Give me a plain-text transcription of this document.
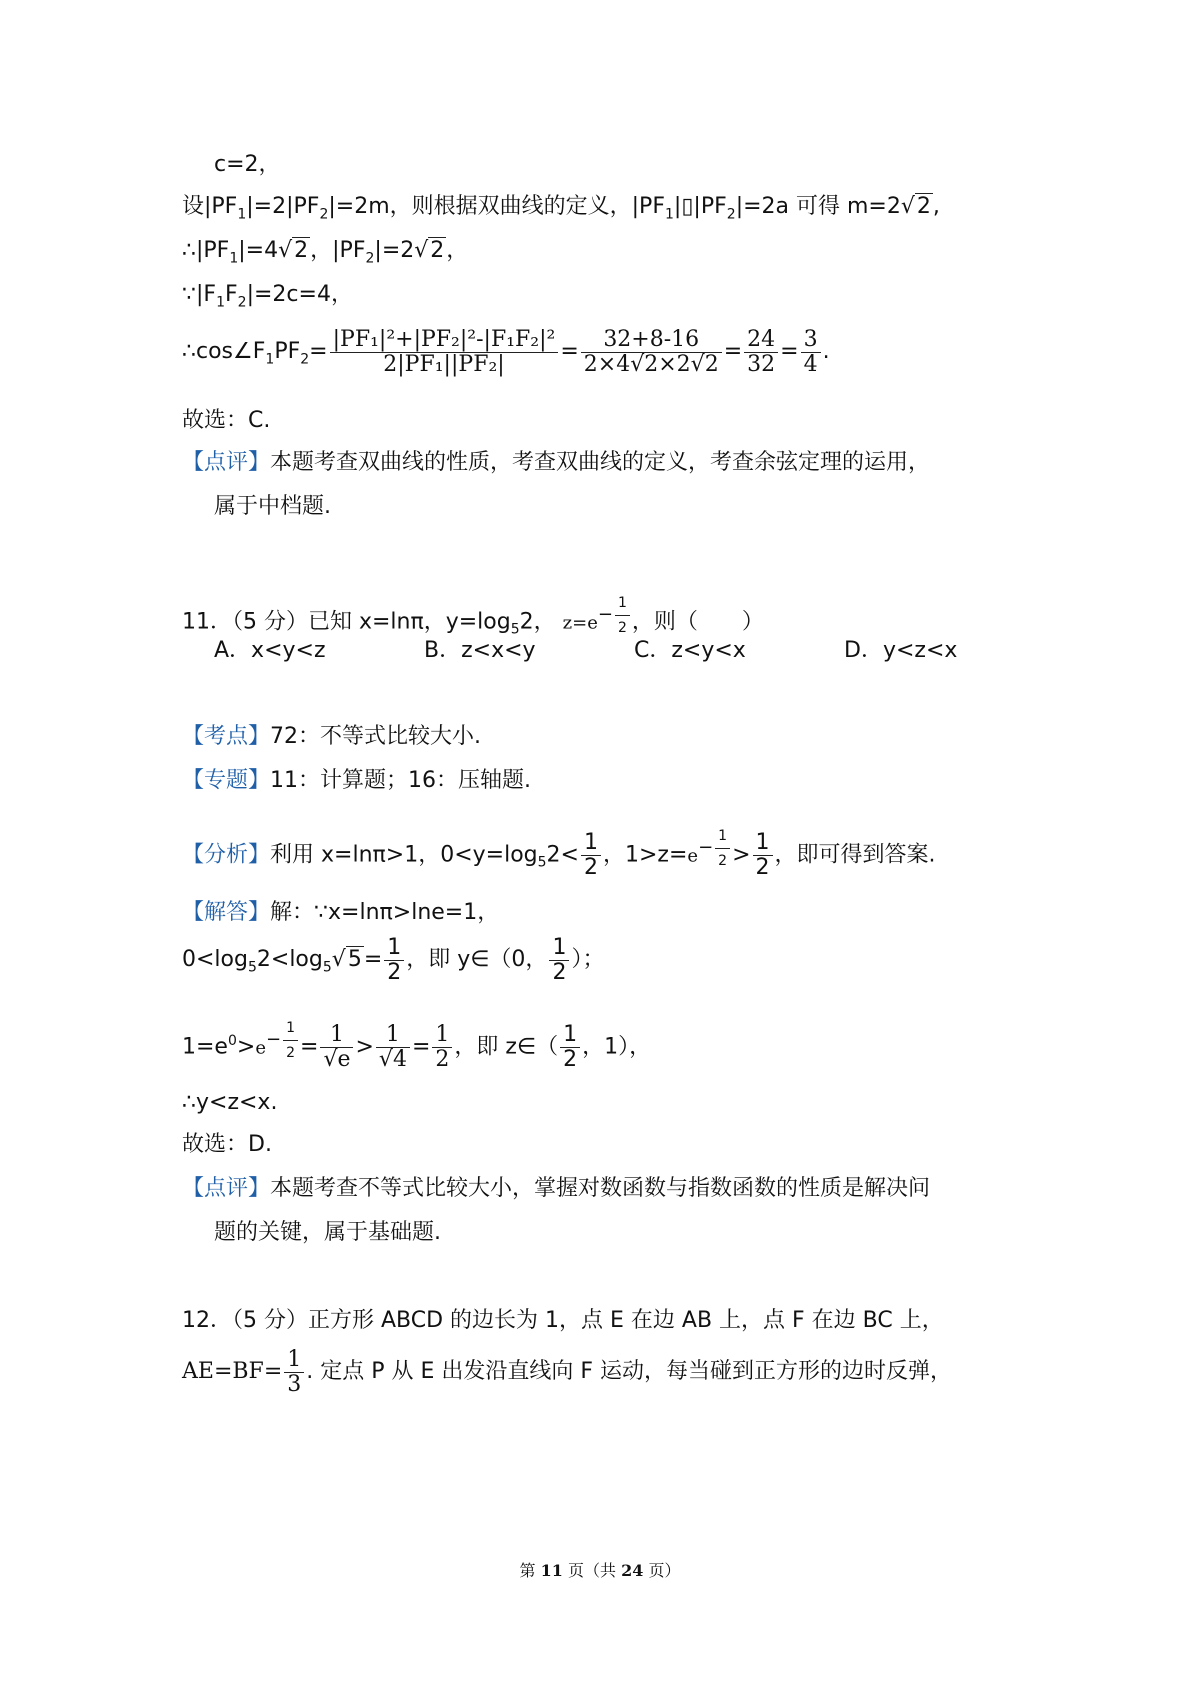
c=2，
设$|PF_1|=2|PF_2|=2m$，则根据双曲线的定义，$|PF_1|▯|PF_2|=2a$ 可得 m=2√2,
$\therefore|PF_1|=4√2$，$|PF_2|=2√2$，
$\because|F_1F_2|=2c=4$，
$\therefore\cos\angle F_1PF_2= \frac{\text{|PF₁|²+|PF₂|²-|F₁F₂|²}}{\text{2|PF₁||PF₂|}} = \frac{32+8-16}{2\times 4√2\times 2√2} = \frac{24}{32} = \frac{3}{4}$ .
故选：C.
【点评】本题考查双曲线的性质，考查双曲线的定义，考查余弦定理的运用，
属于中档题.
11．（5 分）已知 x=lnπ，$y=\log_52$， $z=e^{- \frac{1}{2}}$ ，则（　　）
A．x<y<z	B．z<x<y	C．z<y<x	D．y<z<x
【考点】72：不等式比较大小.
【专题】11：计算题；16：压轴题.
【分析】利用 x=lnπ>1，$0<y=\log_52< \frac{1}{2}$ ，$1>z=e^{- \frac{1}{2}} > \frac{1}{2}$ ，即可得到答案.
【解答】解：∵x=lnπ>lne=1，
$0<\log_52<\log_5√5= \frac{1}{2}$ ，即 y∈（0， $\frac{1}{2}$ ）；
$1=e^0>e^{- \frac{1}{2}} = \frac{1}{√e} > \frac{1}{√4} = \frac{1}{2}$ ，即 z∈（ $\frac{1}{2}$ ，1），
∴y<z<x.
故选：D.
【点评】本题考查不等式比较大小，掌握对数函数与指数函数的性质是解决问
题的关键，属于基础题.
12．（5 分）正方形 ABCD 的边长为 1，点 E 在边 AB 上，点 F 在边 BC 上，
$AE=BF= \frac{1}{3}$ . 定点 P 从 E 出发沿直线向 F 运动，每当碰到正方形的边时反弹，
第 11 页（共 24 页）
